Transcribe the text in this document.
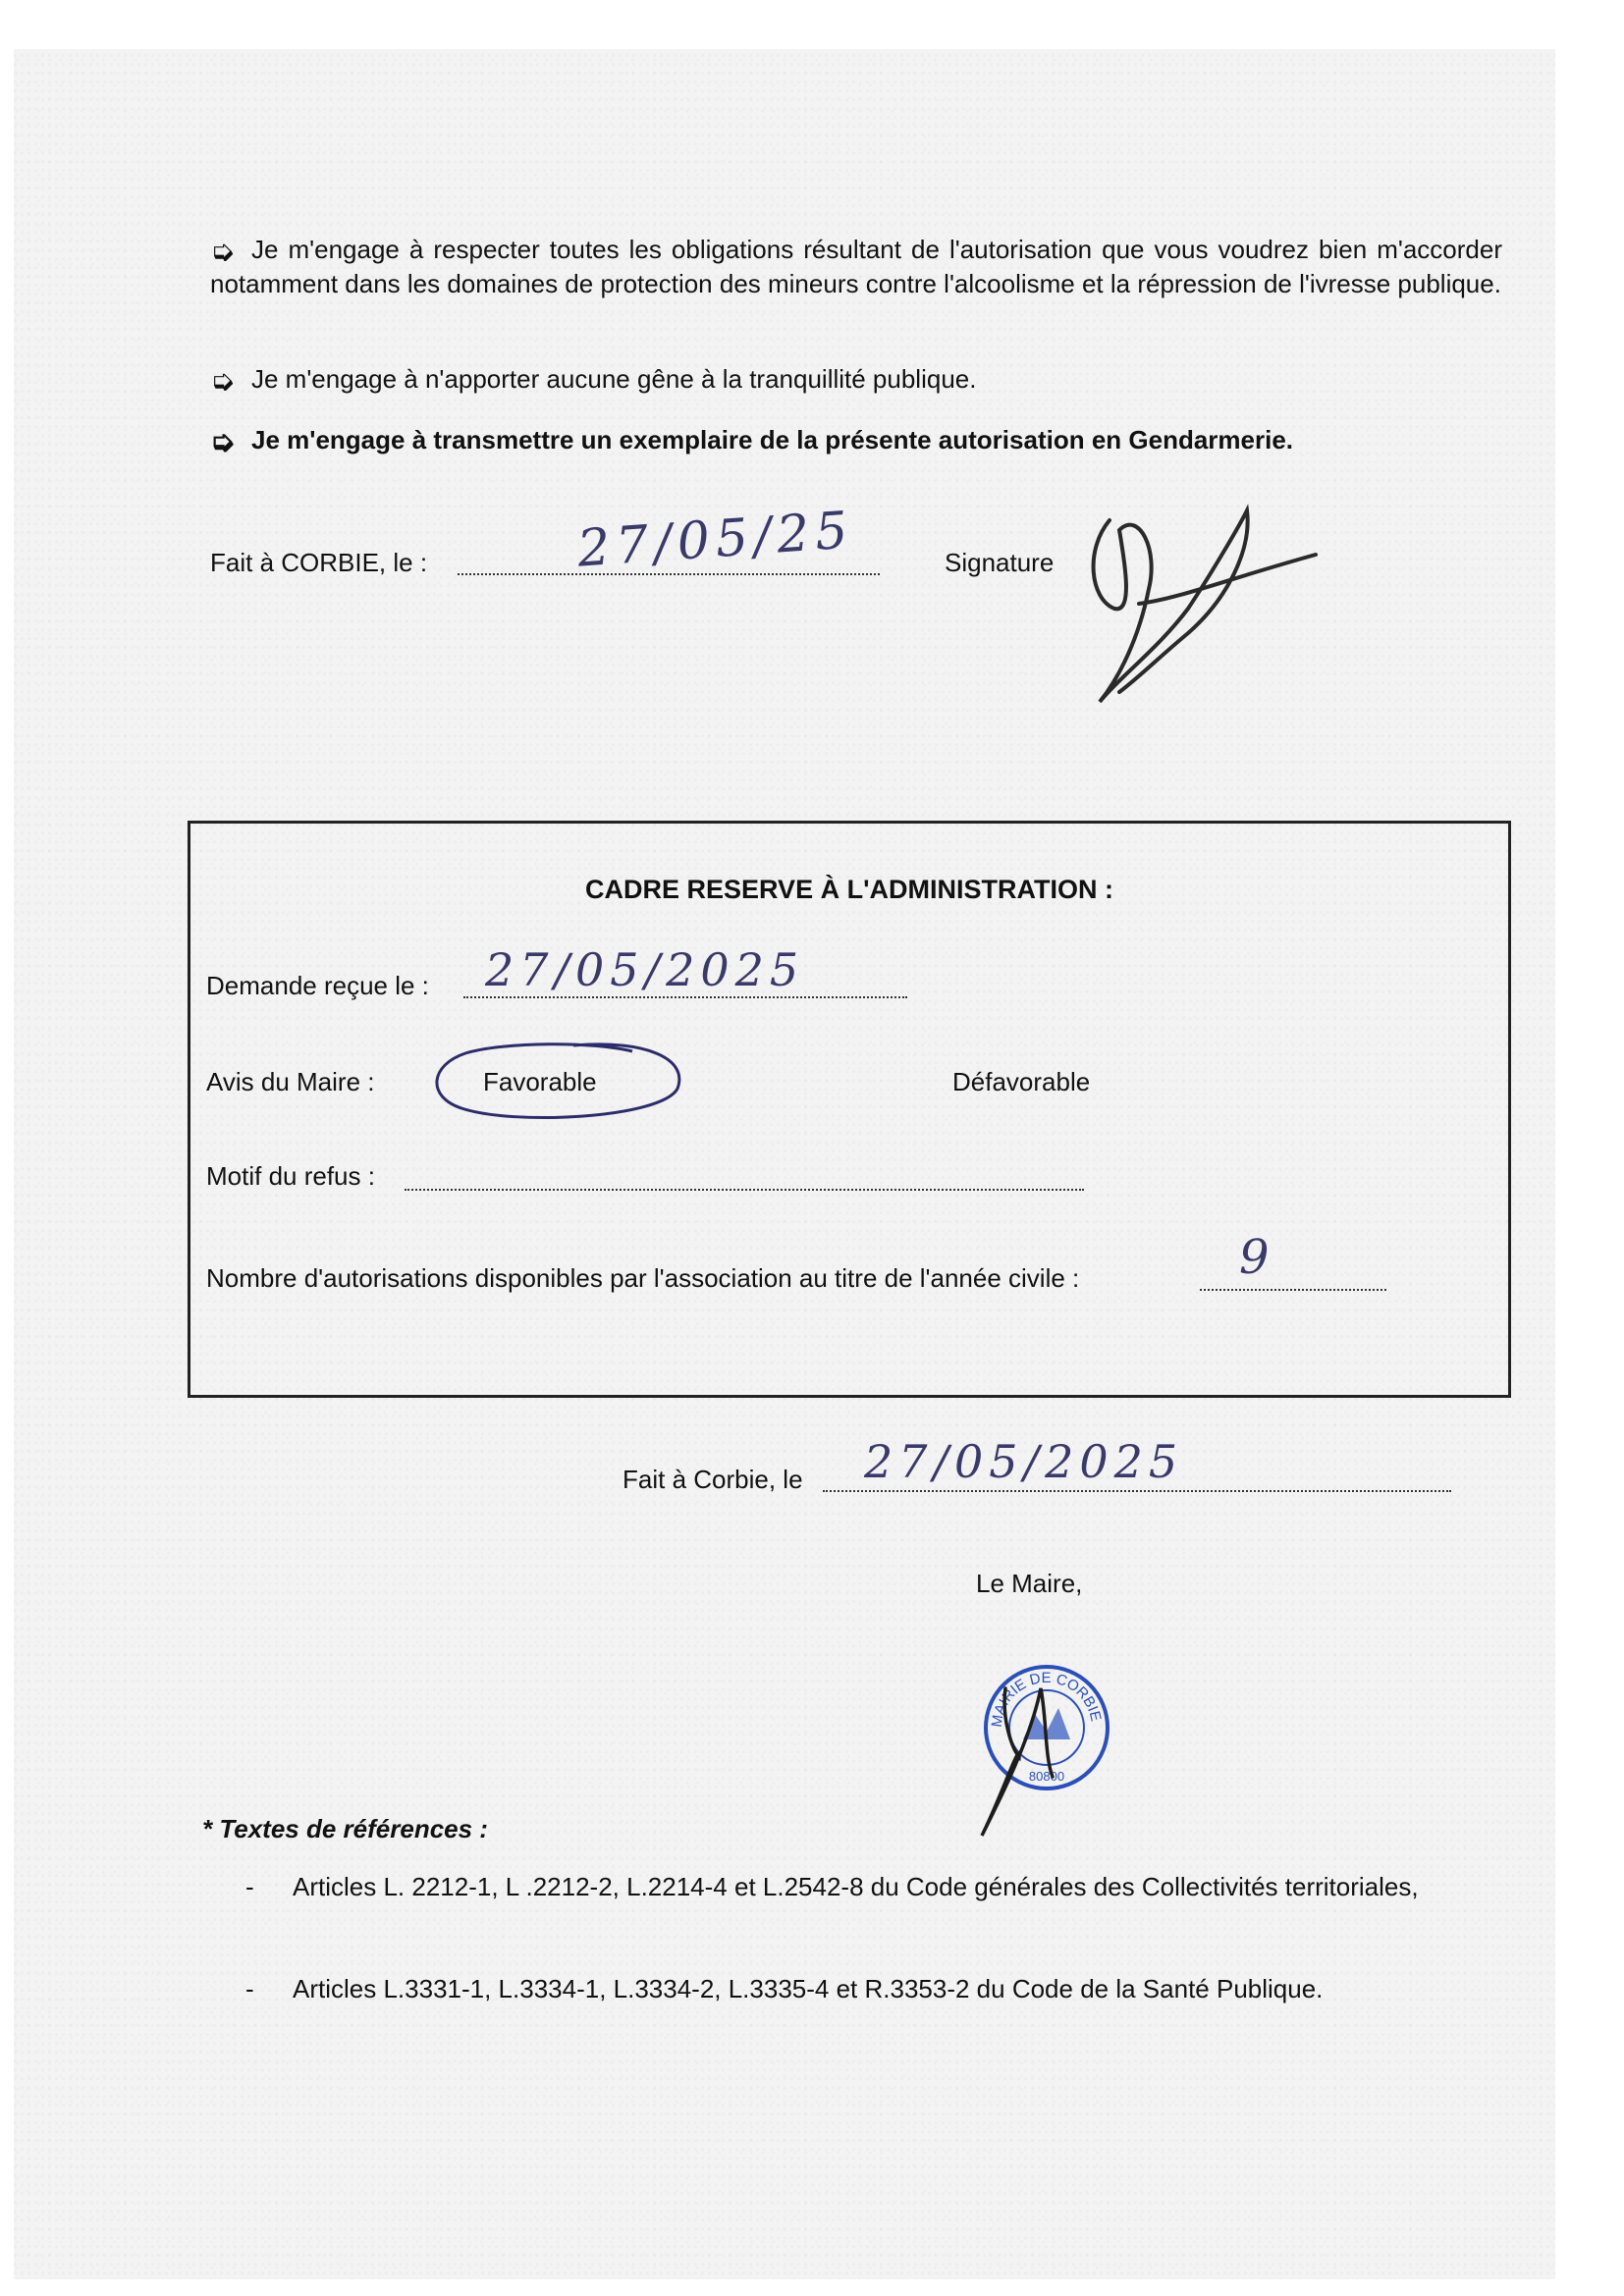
➭ Je m'engage à respecter toutes les obligations résultant de l'autorisation que vous voudrez bien m'accorder notamment dans les domaines de protection des mineurs contre l'alcoolisme et la répression de l'ivresse publique.
➭ Je m'engage à n'apporter aucune gêne à la tranquillité publique.
➭ Je m'engage à transmettre un exemplaire de la présente autorisation en Gendarmerie.
Fait à CORBIE, le :	27/05/25	Signature
CADRE RESERVE À L'ADMINISTRATION :
Demande reçue le : 27/05/2025
Avis du Maire :	Favorable	Défavorable
Motif du refus :
Nombre d'autorisations disponibles par l'association au titre de l'année civile :	9
Fait à Corbie, le 27/05/2025
Le Maire,
MAIRIE DE CORBIE
80800
* Textes de références :
- Articles L. 2212-1, L .2212-2, L.2214-4 et L.2542-8 du Code générales des Collectivités territoriales,
- Articles L.3331-1, L.3334-1, L.3334-2, L.3335-4 et R.3353-2 du Code de la Santé Publique.
